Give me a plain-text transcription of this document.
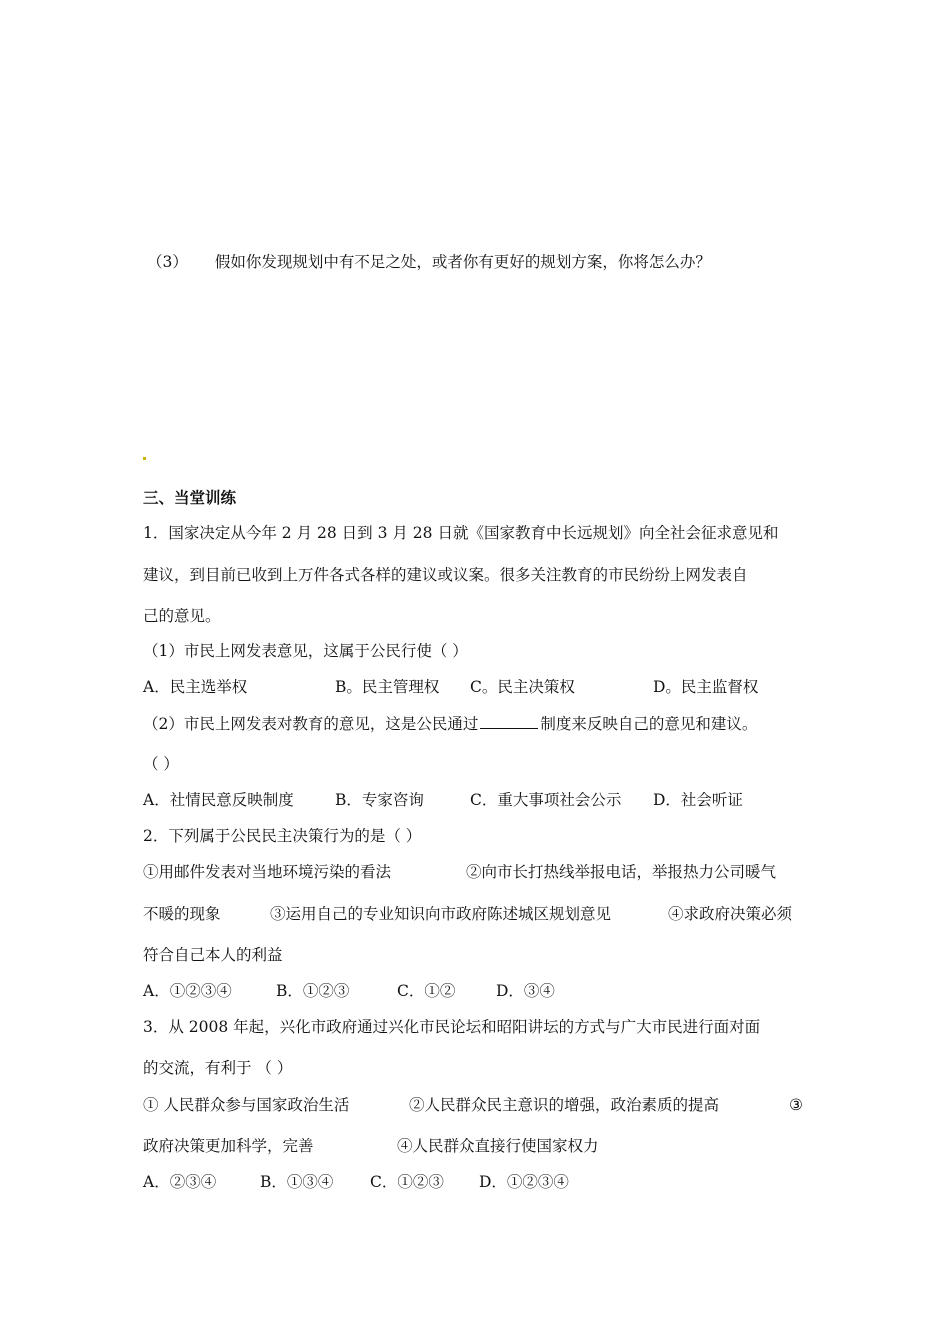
（3） 假如你发现规划中有不足之处，或者你有更好的规划方案，你将怎么办？
三、当堂训练
1．国家决定从今年 2 月 28 日到 3 月 28 日就《国家教育中长远规划》向全社会征求意见和
建议，到目前已收到上万件各式各样的建议或议案。很多关注教育的市民纷纷上网发表自
己的意见。
（1）市民上网发表意见，这属于公民行使（ ）
A．民主选举权	B。民主管理权 C。民主决策权	D。民主监督权
（2）市民上网发表对教育的意见，这是公民通过	制度来反映自己的意见和建议。
（ ）
A．社情民意反映制度	B．专家咨询	C．重大事项社会公示 D．社会听证
2．下列属于公民民主决策行为的是（ ）
①用邮件发表对当地环境污染的看法	②向市长打热线举报电话，举报热力公司暖气
不暖的现象	③运用自己的专业知识向市政府陈述城区规划意见	④求政府决策必须
符合自己本人的利益
A．①②③④	B．①②③	C．①②	D．③④
3．从 2008 年起，兴化市政府通过兴化市民论坛和昭阳讲坛的方式与广大市民进行面对面
的交流，有利于 （ ）
① 人民群众参与国家政治生活	②人民群众民主意识的增强，政治素质的提高	③
政府决策更加科学，完善	④人民群众直接行使国家权力
A．②③④	B．①③④ C．①②③ D．①②③④
